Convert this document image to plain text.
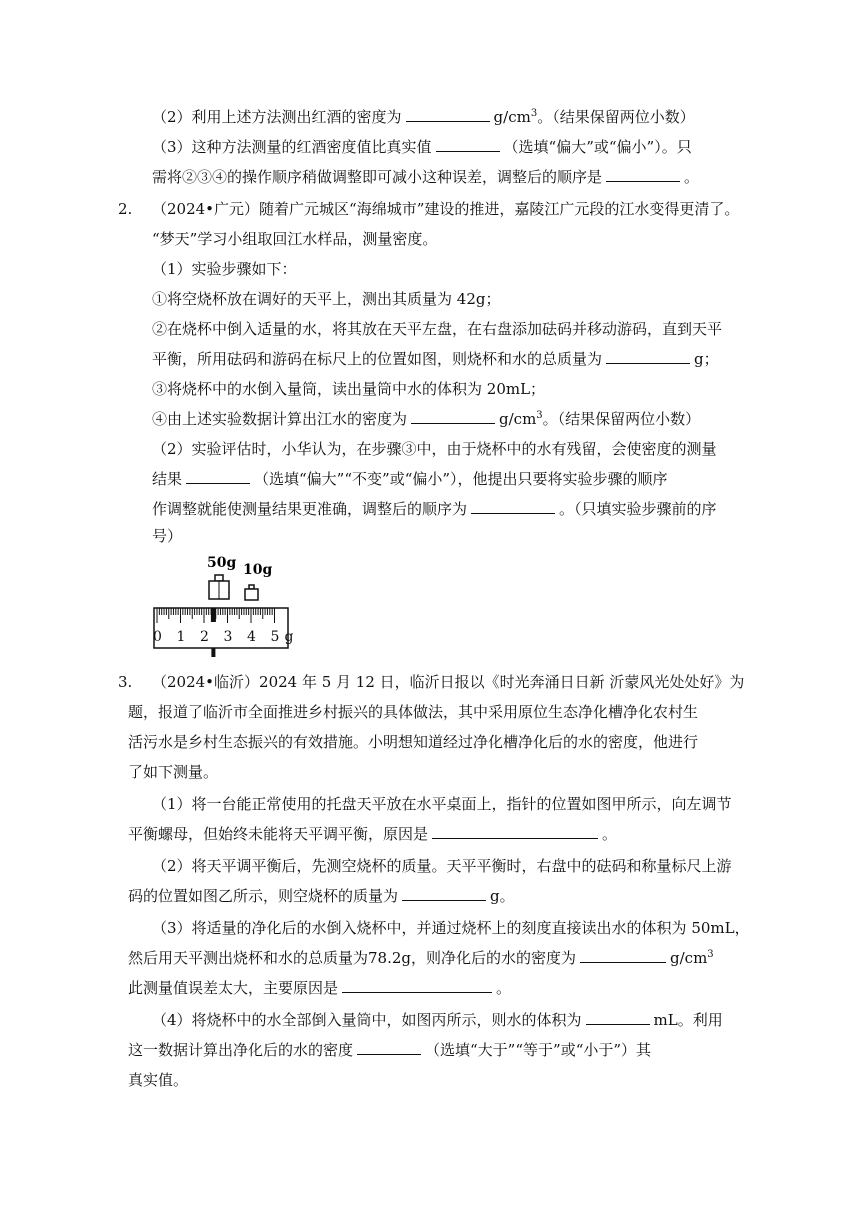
（2）利用上述方法测出红酒的密度为	$g/cm^3$。（结果保留两位小数）
（3）这种方法测量的红酒密度值比真实值	（选填“偏大”或“偏小”）。只
需将②③④的操作顺序稍做调整即可减小这种误差，调整后的顺序是	。
2. （2024•广元）随着广元城区“海绵城市”建设的推进，嘉陵江广元段的江水变得更清了。
“梦天”学习小组取回江水样品，测量密度。
（1）实验步骤如下：
①将空烧杯放在调好的天平上，测出其质量为 42g；
②在烧杯中倒入适量的水，将其放在天平左盘，在右盘添加砝码并移动游码，直到天平
平衡，所用砝码和游码在标尺上的位置如图，则烧杯和水的总质量为	g；
③将烧杯中的水倒入量筒，读出量筒中水的体积为 20mL；
④由上述实验数据计算出江水的密度为	$g/cm^3$。（结果保留两位小数）
（2）实验评估时，小华认为，在步骤③中，由于烧杯中的水有残留，会使密度的测量
结果	（选填“偏大”“不变”或“偏小”），他提出只要将实验步骤的顺序
作调整就能使测量结果更准确，调整后的顺序为	。（只填实验步骤前的序
号）
50g 10g
0 1 2 3 4 5 g
3. （2024•临沂）2024 年 5 月 12 日，临沂日报以《时光奔涌日日新 沂蒙风光处处好》为
题，报道了临沂市全面推进乡村振兴的具体做法，其中采用原位生态净化槽净化农村生
活污水是乡村生态振兴的有效措施。小明想知道经过净化槽净化后的水的密度，他进行
了如下测量。
（1）将一台能正常使用的托盘天平放在水平桌面上，指针的位置如图甲所示，向左调节
平衡螺母，但始终未能将天平调平衡，原因是	。
（2）将天平调平衡后，先测空烧杯的质量。天平平衡时，右盘中的砝码和称量标尺上游
码的位置如图乙所示，则空烧杯的质量为	g。
（3）将适量的净化后的水倒入烧杯中，并通过烧杯上的刻度直接读出水的体积为 50mL，
然后用天平测出烧杯和水的总质量为78.2g，则净化后的水的密度为	$g/cm^3$
此测量值误差太大，主要原因是	。
（4）将烧杯中的水全部倒入量筒中，如图丙所示，则水的体积为	mL。利用
这一数据计算出净化后的水的密度	（选填“大于”“等于”或“小于”）其
真实值。
